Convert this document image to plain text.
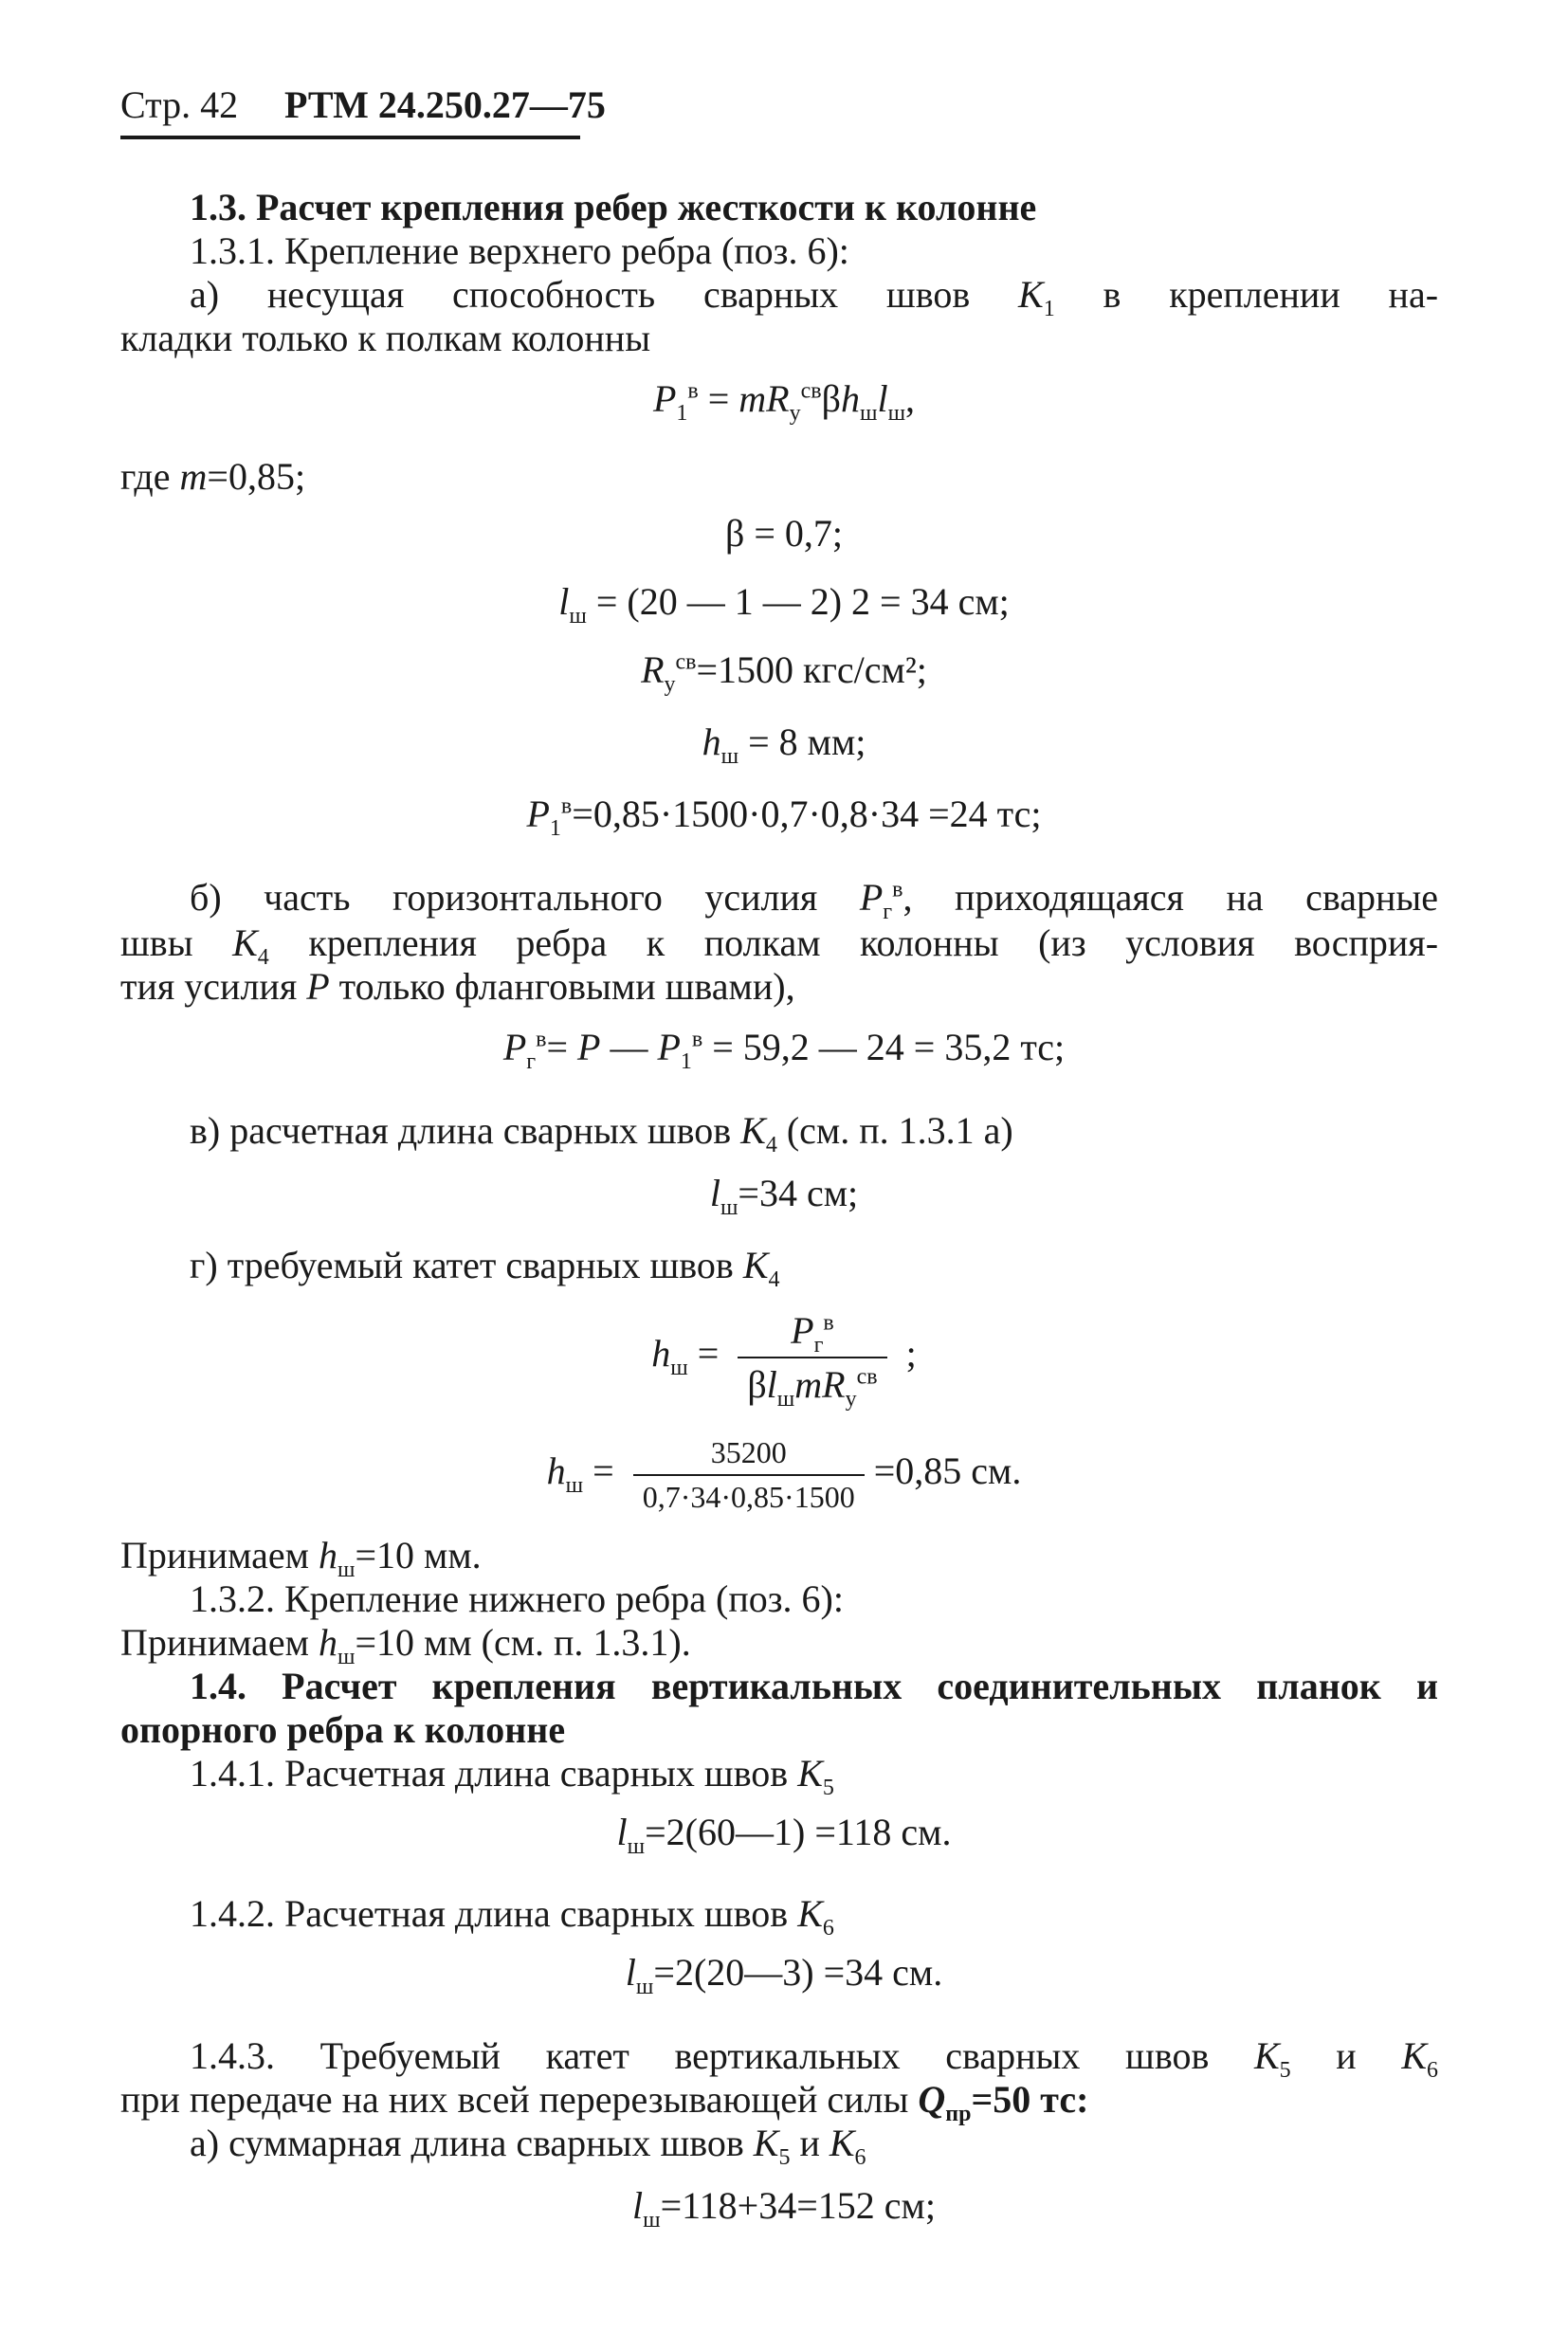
Стр. 42 РТМ 24.250.27—75
1.3. Расчет крепления ребер жесткости к колонне
1.3.1. Крепление верхнего ребра (поз. 6):
а) несущая способность сварных швов $K_1$ в креплении на-
кладки только к полкам колонны
$P_1^в = mR_у^{св}\beta h_шl_ш$,
где m=0,85;
β = 0,7;
$l_ш = (20$ — 1 — 2) 2 = 34 см;
$R_у^{св}=1500$ кгс/см²;
$h_ш = 8$ мм;
$P_1^в=0,85\cdot 1500\cdot 0,7\cdot 0,8\cdot 34 =24$ тс;
б) часть горизонтального усилия $P_г^в$, приходящаяся на сварные
швы $K_4$ крепления ребра к полкам колонны (из условия восприя-
тия усилия P только фланговыми швами),
$P_г^в= P$ — $P_1^в = 59,2$ — 24 = 35,2 тс;
в) расчетная длина сварных швов $K_4$ (см. п. 1.3.1 а)
$l_ш=34$ см;
г) требуемый катет сварных швов $K_4$
$h_ш = \frac{P_г^в}{\beta l_шmR_у^{св}}$ ;
$h_ш = \frac{35200}{0,7\cdot 34\cdot 0,85\cdot 1500} =0,85$ см.
Принимаем $h_ш=10$ мм.
1.3.2. Крепление нижнего ребра (поз. 6):
Принимаем $h_ш=10$ мм (см. п. 1.3.1).
1.4. Расчет крепления вертикальных соединительных планок и
опорного ребра к колонне
1.4.1. Расчетная длина сварных швов $K_5$
$l_ш=2(60—1) =118$ см.
1.4.2. Расчетная длина сварных швов $K_6$
$l_ш=2(20—3) =34$ см.
1.4.3. Требуемый катет вертикальных сварных швов $K_5$ и $K_6$
при передаче на них всей перерезывающей силы $Q_{пр}=50$ тс:
а) суммарная длина сварных швов $K_5$ и $K_6$
$l_ш=118+34=152$ см;
